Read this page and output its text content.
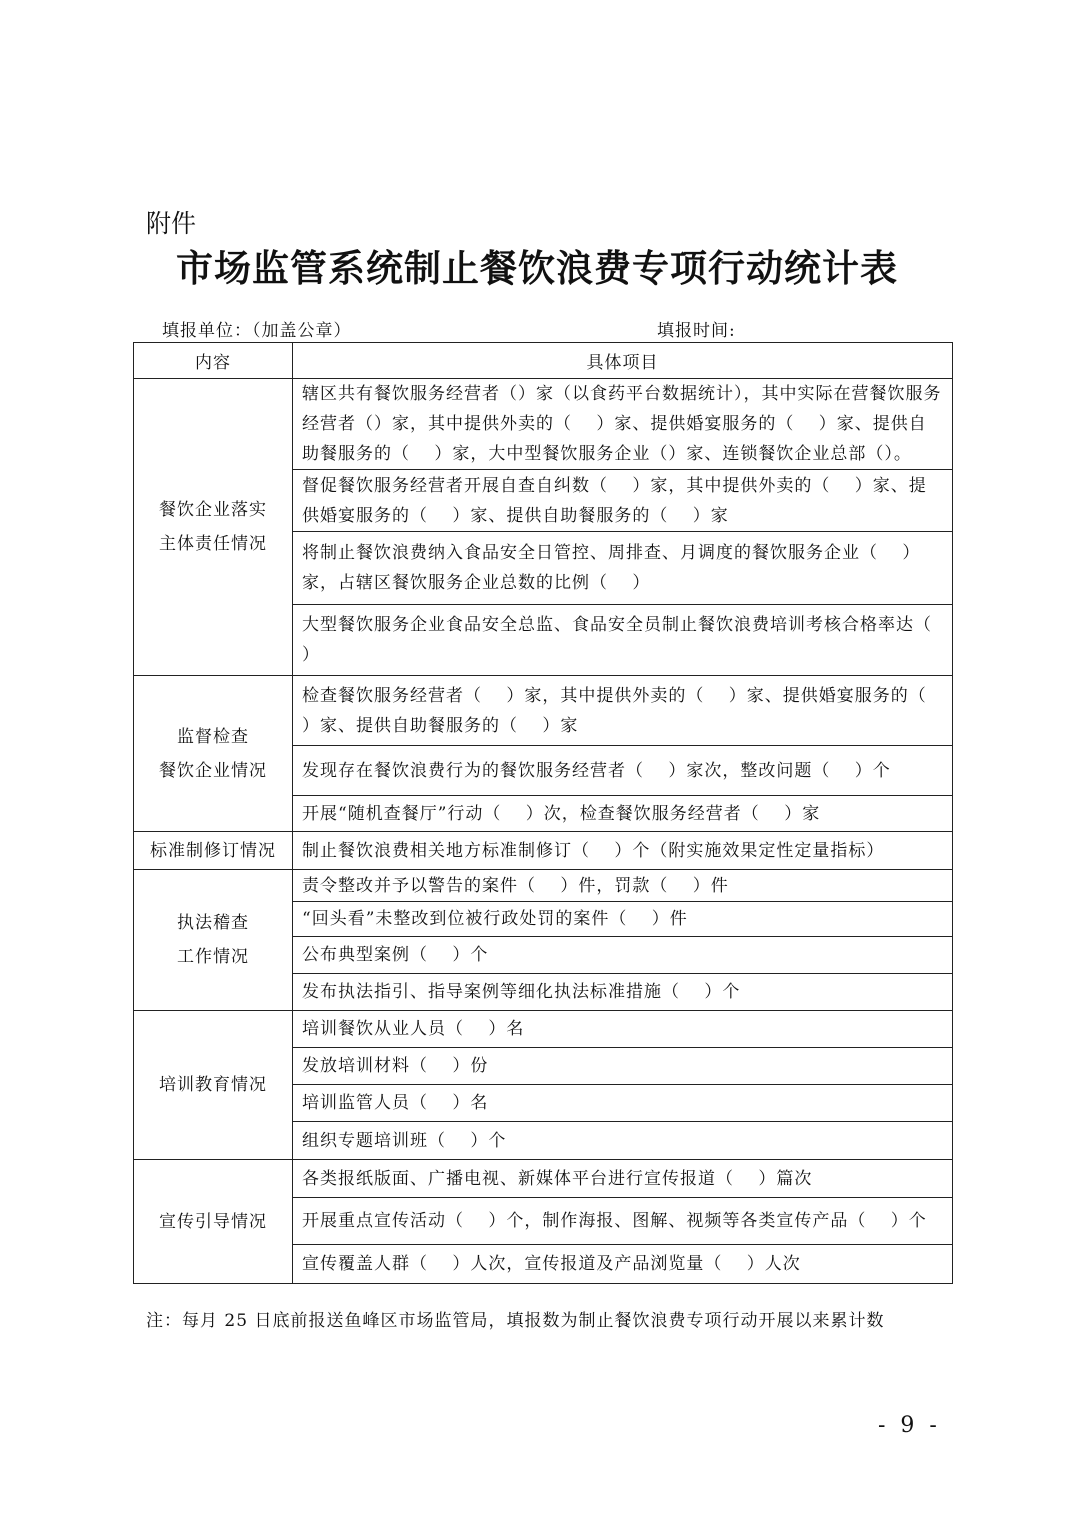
附件
市场监管系统制止餐饮浪费专项行动统计表
填报单位：（加盖公章）	填报时间:
内容	具体项目

餐饮企业落实
主体责任情况	辖区共有餐饮服务经营者（）家（以食药平台数据统计），其中实际在营餐饮服务经营者（）家，其中提供外卖的（　 ）家、提供婚宴服务的（　 ）家、提供自助餐服务的（　 ）家，大中型餐饮服务企业（）家、连锁餐饮企业总部（）。
	督促餐饮服务经营者开展自查自纠数（　 ）家，其中提供外卖的（　 ）家、提供婚宴服务的（　 ）家、提供自助餐服务的（　 ）家
	将制止餐饮浪费纳入食品安全日管控、周排查、月调度的餐饮服务企业（　 ）家，占辖区餐饮服务企业总数的比例（　 ）
	大型餐饮服务企业食品安全总监、食品安全员制止餐饮浪费培训考核合格率达（　 ）

监督检查
餐饮企业情况	检查餐饮服务经营者（　 ）家，其中提供外卖的（　 ）家、提供婚宴服务的（　 ）家、提供自助餐服务的（　 ）家
	发现存在餐饮浪费行为的餐饮服务经营者（　 ）家次，整改问题（　 ）个
	开展“随机查餐厅”行动（　 ）次，检查餐饮服务经营者（　 ）家

标准制修订情况	制止餐饮浪费相关地方标准制修订（　 ）个（附实施效果定性定量指标）

执法稽查
工作情况	责令整改并予以警告的案件（　 ）件，罚款（　 ）件
	“回头看”未整改到位被行政处罚的案件（　 ）件
	公布典型案例（　 ）个
	发布执法指引、指导案例等细化执法标准措施（　 ）个

培训教育情况	培训餐饮从业人员（　 ）名
	发放培训材料（　 ）份
	培训监管人员（　 ）名
	组织专题培训班（　 ）个

宣传引导情况	各类报纸版面、广播电视、新媒体平台进行宣传报道（　 ）篇次
	开展重点宣传活动（　 ）个，制作海报、图解、视频等各类宣传产品（　 ）个
	宣传覆盖人群（　 ）人次，宣传报道及产品浏览量（　 ）人次
注：每月 25 日底前报送鱼峰区市场监管局，填报数为制止餐饮浪费专项行动开展以来累计数
- 9 -
